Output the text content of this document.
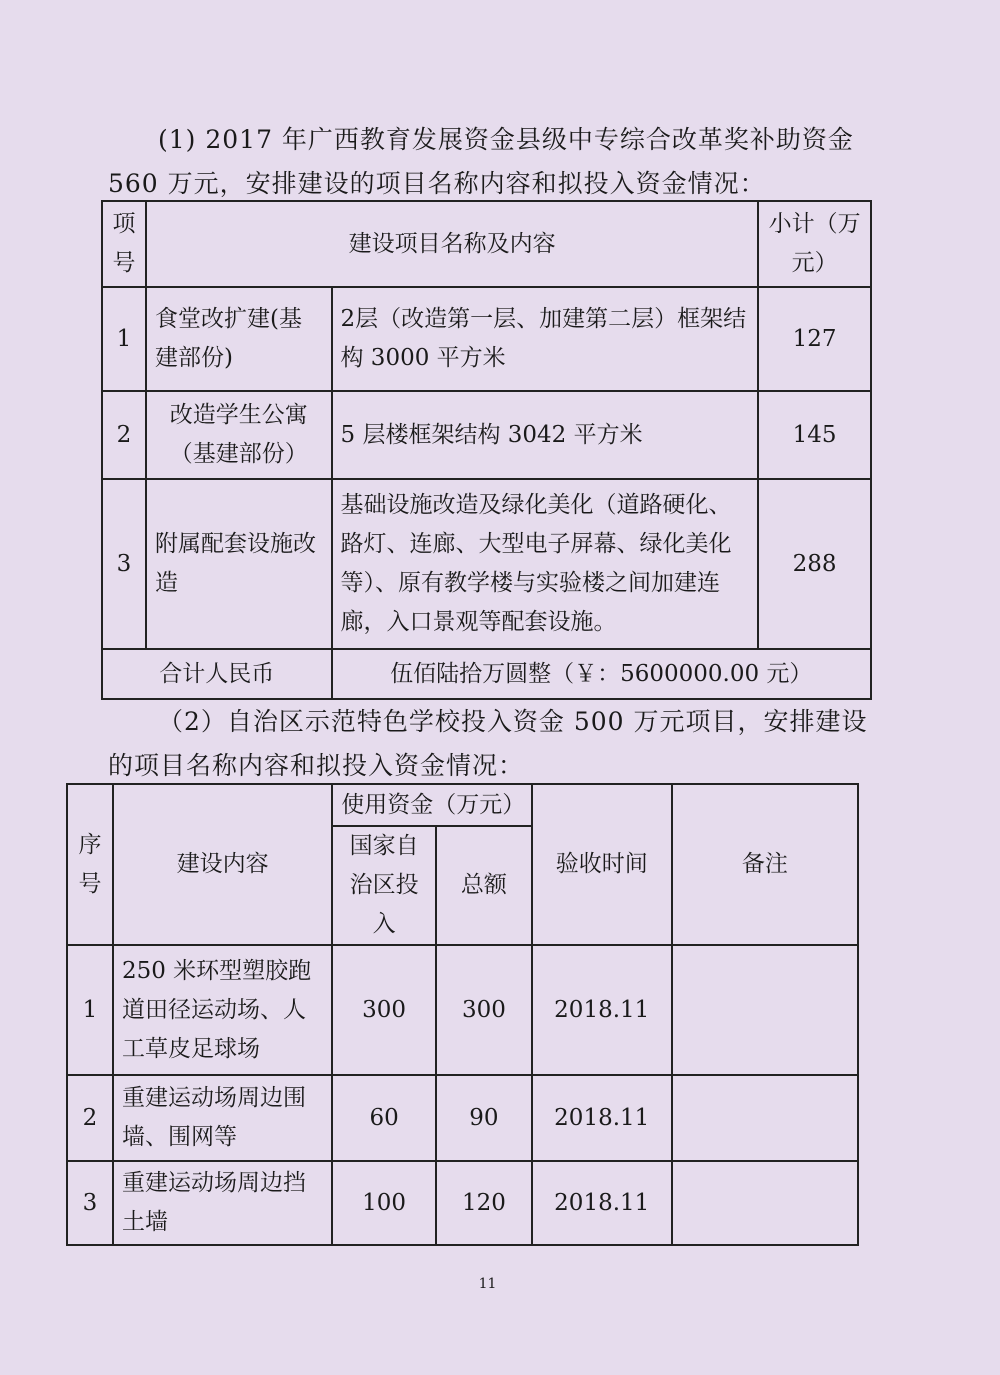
(1) 2017 年广西教育发展资金县级中专综合改革奖补助资金 560 万元，安排建设的项目名称内容和拟投入资金情况：
项号	建设项目名称及内容		小计（万元）
1	食堂改扩建(基建部份)	2层（改造第一层、加建第二层）框架结构 3000 平方米	127
2	改造学生公寓（基建部份）	5 层楼框架结构 3042 平方米	145
3	附属配套设施改造	基础设施改造及绿化美化（道路硬化、路灯、连廊、大型电子屏幕、绿化美化等）、原有教学楼与实验楼之间加建连廊，入口景观等配套设施。	288
合计人民币		伍佰陆拾万圆整（￥：5600000.00 元）	
（2）自治区示范特色学校投入资金 500 万元项目，安排建设的项目名称内容和拟投入资金情况：
序号	建设内容	使用资金（万元）		验收时间	备注
		国家自治区投入	总额		
1	250 米环型塑胶跑道田径运动场、人工草皮足球场	300	300	2018.11	
2	重建运动场周边围墙、围网等	60	90	2018.11	
3	重建运动场周边挡土墙	100	120	2018.11	
11
